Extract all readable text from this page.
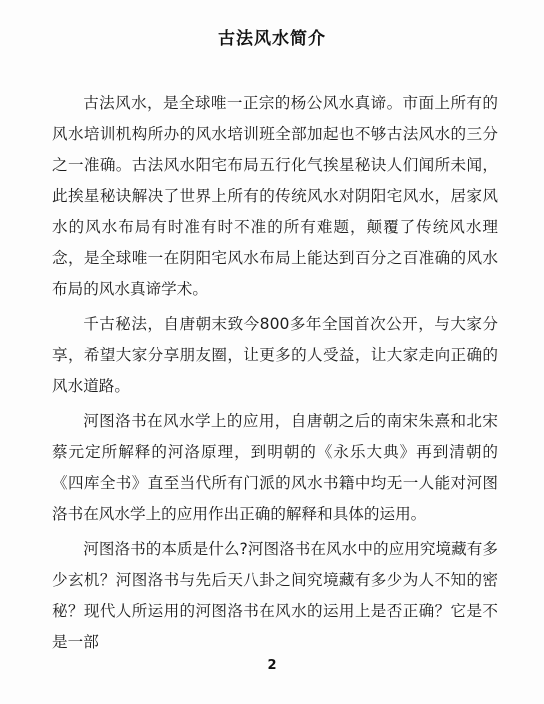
古法风水简介

古法风水，是全球唯一正宗的杨公风水真谛。市面上所有的风水培训机构所办的风水培训班全部加起也不够古法风水的三分之一准确。古法风水阳宅布局五行化气挨星秘诀人们闻所未闻，此挨星秘诀解决了世界上所有的传统风水对阴阳宅风水，居家风水的风水布局有时准有时不准的所有难题，颠覆了传统风水理念，是全球唯一在阴阳宅风水布局上能达到百分之百准确的风水布局的风水真谛学术。

千古秘法，自唐朝末致今800多年全国首次公开，与大家分享，希望大家分享朋友圈，让更多的人受益，让大家走向正确的风水道路。

河图洛书在风水学上的应用，自唐朝之后的南宋朱熹和北宋蔡元定所解释的河洛原理，到明朝的《永乐大典》再到清朝的《四库全书》直至当代所有门派的风水书籍中均无一人能对河图洛书在风水学上的应用作出正确的解释和具体的运用。

河图洛书的本质是什么?河图洛书在风水中的应用究境藏有多少玄机？河图洛书与先后天八卦之间究境藏有多少为人不知的密秘？现代人所运用的河图洛书在风水的运用上是否正确？它是不是一部

2
